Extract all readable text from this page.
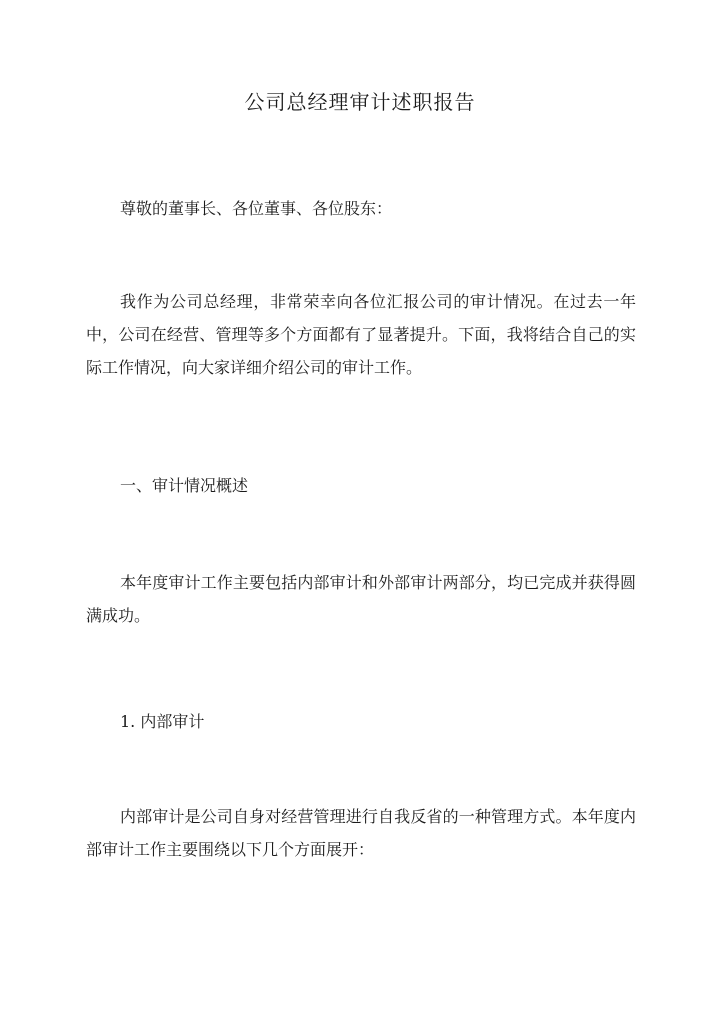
公司总经理审计述职报告

尊敬的董事长、各位董事、各位股东：

我作为公司总经理，非常荣幸向各位汇报公司的审计情况。在过去一年中，公司在经营、管理等多个方面都有了显著提升。下面，我将结合自己的实际工作情况，向大家详细介绍公司的审计工作。

一、审计情况概述

本年度审计工作主要包括内部审计和外部审计两部分，均已完成并获得圆满成功。

1. 内部审计

内部审计是公司自身对经营管理进行自我反省的一种管理方式。本年度内部审计工作主要围绕以下几个方面展开：
